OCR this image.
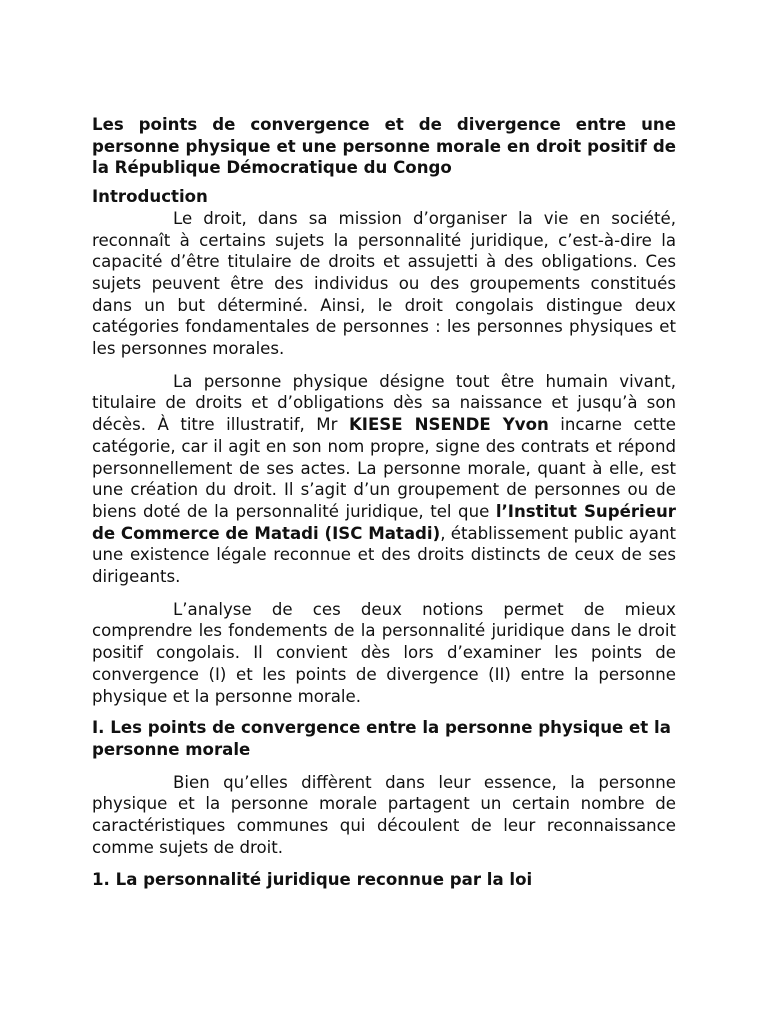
Les points de convergence et de divergence entre une personne physique et une personne morale en droit positif de la République Démocratique du Congo

Introduction

Le droit, dans sa mission d’organiser la vie en société, reconnaît à certains sujets la personnalité juridique, c’est-à-dire la capacité d’être titulaire de droits et assujetti à des obligations. Ces sujets peuvent être des individus ou des groupements constitués dans un but déterminé. Ainsi, le droit congolais distingue deux catégories fondamentales de personnes : les personnes physiques et les personnes morales.

La personne physique désigne tout être humain vivant, titulaire de droits et d’obligations dès sa naissance et jusqu’à son décès. À titre illustratif, Mr KIESE NSENDE Yvon incarne cette catégorie, car il agit en son nom propre, signe des contrats et répond personnellement de ses actes. La personne morale, quant à elle, est une création du droit. Il s’agit d’un groupement de personnes ou de biens doté de la personnalité juridique, tel que l’Institut Supérieur de Commerce de Matadi (ISC Matadi), établissement public ayant une existence légale reconnue et des droits distincts de ceux de ses dirigeants.

L’analyse de ces deux notions permet de mieux comprendre les fondements de la personnalité juridique dans le droit positif congolais. Il convient dès lors d’examiner les points de convergence (I) et les points de divergence (II) entre la personne physique et la personne morale.

I. Les points de convergence entre la personne physique et la personne morale

Bien qu’elles diffèrent dans leur essence, la personne physique et la personne morale partagent un certain nombre de caractéristiques communes qui découlent de leur reconnaissance comme sujets de droit.

1. La personnalité juridique reconnue par la loi
